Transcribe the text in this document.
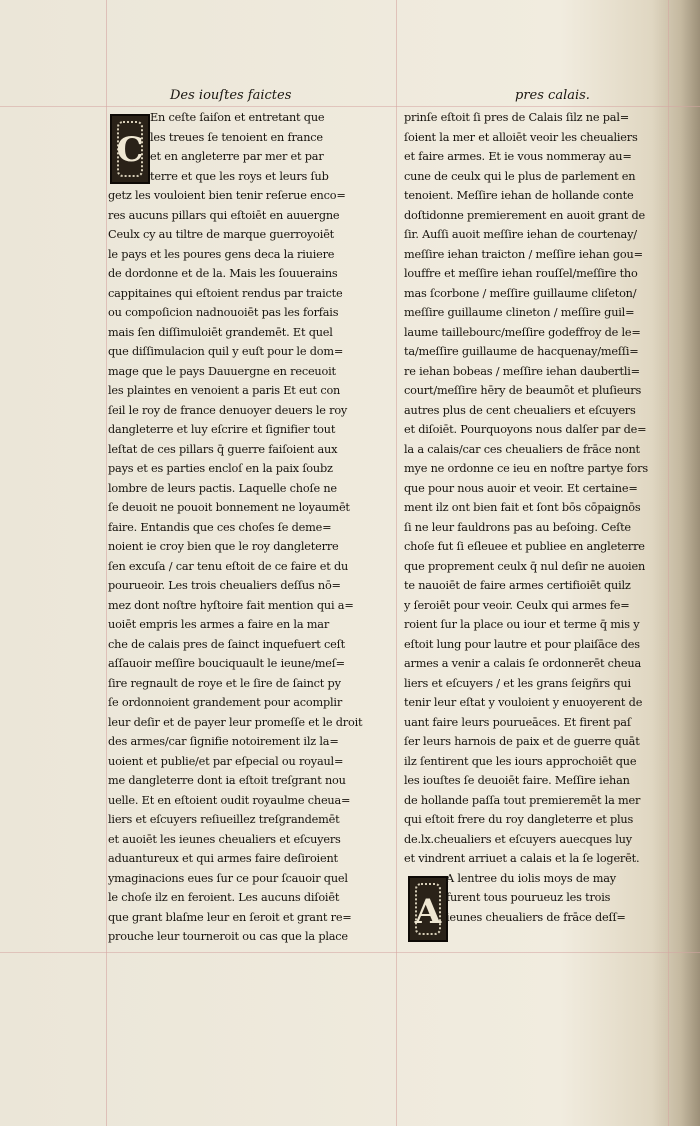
Des iouſtes faictes	pres calais.
C
A
En ceſte ſaiſon et entretant que
les treues ſe tenoient en france
et en angleterre par mer et par
terre et que les roys et leurs ſub
getz les vouloient bien tenir reſerue enco=
res aucuns pillars qui eſtoiēt en auuergne
Ceulx cy au tiltre de marque guerroyoiēt
le pays et les poures gens deca la riuiere
de dordonne et de la. Mais les ſouuerains
cappitaines qui eſtoient rendus par traicte
ou compoſicion nadnouoiēt pas les forfais
mais ſen diſſimuloiēt grandemēt. Et quel
que diſſimulacion quil y euſt pour le dom=
mage que le pays Dauuergne en receuoit
les plaintes en venoient a paris Et eut con
ſeil le roy de france denuoyer deuers le roy
dangleterre et luy eſcrire et ſignifier tout
leſtat de ces pillars q̄ guerre faiſoient aux
pays et es parties encloſ en la paix ſoubz
lombre de leurs pactis. Laquelle choſe ne
ſe deuoit ne pouoit bonnement ne loyaumēt
faire. Entandis que ces choſes ſe deme=
noient ie croy bien que le roy dangleterre
ſen excuſa / car tenu eſtoit de ce faire et du
pourueoir. Les trois cheualiers deſſus nō=
mez dont noſtre hyſtoire fait mention qui a=
uoiēt empris les armes a faire en la mar
che de calais pres de ſainct inquefuert ceſt
aſſauoir meſſire bouciquault le ieune/meſ=
ſire regnault de roye et le ſire de ſainct py
ſe ordonnoient grandement pour acomplir
leur deſir et de payer leur promeſſe et le droit
des armes/car ſignifie notoirement ilz la=
uoient et publie/et par eſpecial ou royaul=
me dangleterre dont ia eſtoit treſgrant nou
uelle. Et en eſtoient oudit royaulme cheua=
liers et eſcuyers reſiueillez treſgrandemēt
et auoiēt les ieunes cheualiers et eſcuyers
aduantureux et qui armes faire deſiroient
ymaginacions eues ſur ce pour ſcauoir quel
le choſe ilz en feroient. Les aucuns diſoiēt
que grant blaſme leur en ſeroit et grant re=
prouche leur tourneroit ou cas que la place
prinſe eſtoit ſi pres de Calais ſilz ne pal=
ſoient la mer et alloiēt veoir les cheualiers
et faire armes. Et ie vous nommeray au=
cune de ceulx qui le plus de parlement en
tenoient. Meſſire iehan de hollande conte
doſtidonne premierement en auoit grant de
ſir. Auſſi auoit meſſire iehan de courtenay/
meſſire iehan traicton / meſſire iehan gou=
louffre et meſſire iehan rouſſel/meſſire tho
mas ſcorbone / meſſire guillaume cliſeton/
meſſire guillaume clineton / meſſire guil=
laume taillebourc/meſſire godeffroy de le=
ta/meſſire guillaume de hacquenay/meſſi=
re iehan bobeas / meſſire iehan daubertli=
court/meſſire hēry de beaumōt et pluſieurs
autres plus de cent cheualiers et eſcuyers
et diſoiēt. Pourquoyons nous dalſer par de=
la a calais/car ces cheualiers de frāce nont
mye ne ordonne ce ieu en noſtre partye fors
que pour nous auoir et veoir. Et certaine=
ment ilz ont bien fait et ſont bōs cōpaignōs
ſi ne leur fauldrons pas au beſoing. Ceſte
choſe fut ſi eſleuee et publiee en angleterre
que proprement ceulx q̄ nul deſir ne auoien
te nauoiēt de faire armes certifioiēt quilz
y ſeroiēt pour veoir. Ceulx qui armes fe=
roient ſur la place ou iour et terme q̄ mis y
eſtoit lung pour lautre et pour plaiſāce des
armes a venir a calais ſe ordonnerēt cheua
liers et eſcuyers / et les grans ſeigñrs qui
tenir leur eſtat y vouloient y enuoyerent de
uant faire leurs pourueāces. Et firent paſ
ſer leurs harnois de paix et de guerre quāt
ilz ſentirent que les iours approchoiēt que
les iouſtes ſe deuoiēt faire. Meſſire iehan
de hollande paſſa tout premieremēt la mer
qui eſtoit frere du roy dangleterre et plus
de.lx.cheualiers et eſcuyers auecques luy
et vindrent arriuet a calais et la ſe logerēt.
A lentree du iolis moys de may
furent tous pourueuz les trois
ieunes cheualiers de frāce deſſ=
